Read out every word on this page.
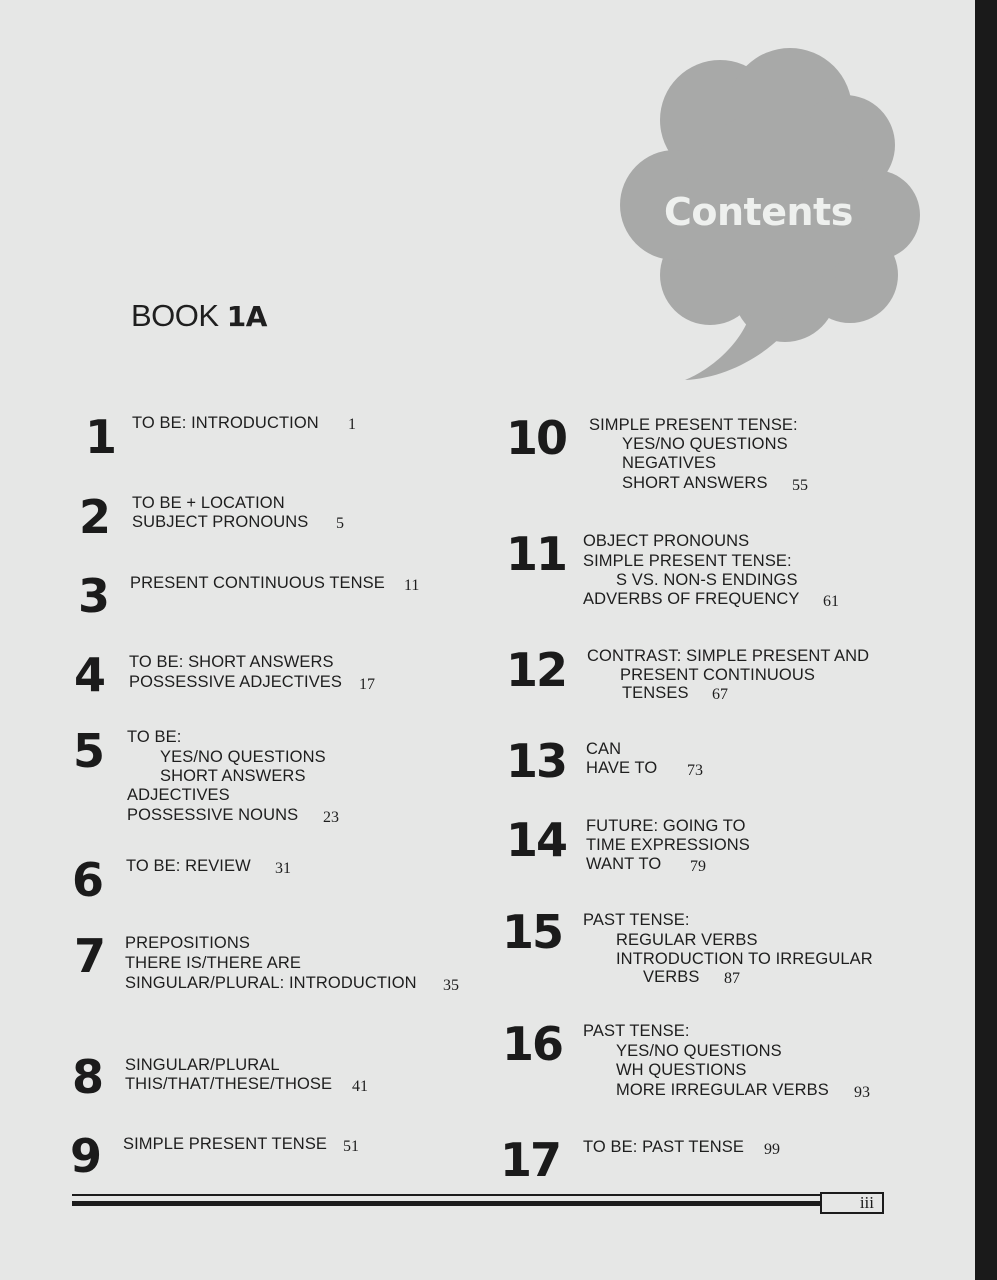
Contents
BOOK 1A
1 TO BE: INTRODUCTION 1
2 TO BE + LOCATION
SUBJECT PRONOUNS 5
3 PRESENT CONTINUOUS TENSE 11
4 TO BE: SHORT ANSWERS
POSSESSIVE ADJECTIVES 17
5 TO BE:
YES/NO QUESTIONS
SHORT ANSWERS
ADJECTIVES
POSSESSIVE NOUNS 23
6 TO BE: REVIEW 31
7 PREPOSITIONS
THERE IS/THERE ARE
SINGULAR/PLURAL: INTRODUCTION 35
8 SINGULAR/PLURAL
THIS/THAT/THESE/THOSE 41
9 SIMPLE PRESENT TENSE 51
10 SIMPLE PRESENT TENSE:
YES/NO QUESTIONS
NEGATIVES
SHORT ANSWERS 55
11 OBJECT PRONOUNS
SIMPLE PRESENT TENSE:
S VS. NON-S ENDINGS
ADVERBS OF FREQUENCY 61
12 CONTRAST: SIMPLE PRESENT AND
PRESENT CONTINUOUS
TENSES 67
13 CAN
HAVE TO 73
14 FUTURE: GOING TO
TIME EXPRESSIONS
WANT TO 79
15 PAST TENSE:
REGULAR VERBS
INTRODUCTION TO IRREGULAR
VERBS 87
16 PAST TENSE:
YES/NO QUESTIONS
WH QUESTIONS
MORE IRREGULAR VERBS 93
17 TO BE: PAST TENSE 99
iii
